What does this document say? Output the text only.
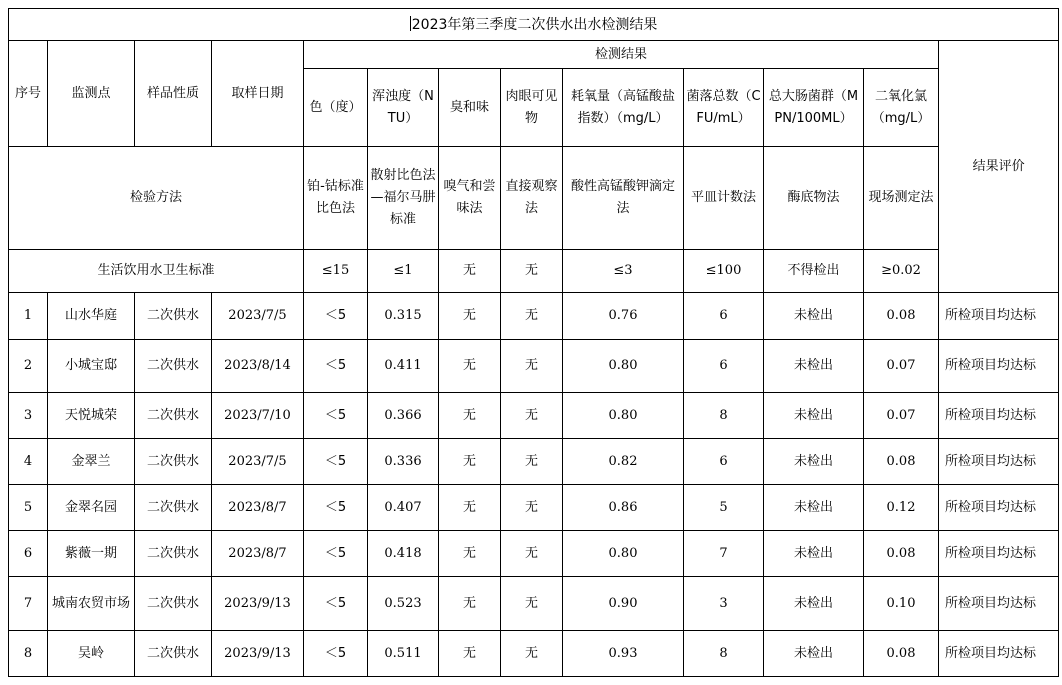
2023年第三季度二次供水出水检测结果												
序号	监测点	样品性质	取样日期	检测结果								结果评价
				色（度）	浑浊度（NTU）	臭和味	肉眼可见物	耗氧量（高锰酸盐指数）（mg/L）	菌落总数（CFU/mL）	总大肠菌群（MPN/100ML）	二氧化氯（mg/L）	
检验方法				铂-钴标准比色法	散射比色法—福尔马肼标准	嗅气和尝味法	直接观察法	酸性高锰酸钾滴定法	平皿计数法	酶底物法	现场测定法	
生活饮用水卫生标准				≤15	≤1	无	无	≤3	≤100	不得检出	≥0.02	
1	山水华庭	二次供水	2023/7/5	＜5	0.315	无	无	0.76	6	未检出	0.08	所检项目均达标
2	小城宝邸	二次供水	2023/8/14	＜5	0.411	无	无	0.80	6	未检出	0.07	所检项目均达标
3	天悦城荣	二次供水	2023/7/10	＜5	0.366	无	无	0.80	8	未检出	0.07	所检项目均达标
4	金翠兰	二次供水	2023/7/5	＜5	0.336	无	无	0.82	6	未检出	0.08	所检项目均达标
5	金翠名园	二次供水	2023/8/7	＜5	0.407	无	无	0.86	5	未检出	0.12	所检项目均达标
6	紫薇一期	二次供水	2023/8/7	＜5	0.418	无	无	0.80	7	未检出	0.08	所检项目均达标
7	城南农贸市场	二次供水	2023/9/13	＜5	0.523	无	无	0.90	3	未检出	0.10	所检项目均达标
8	吴岭	二次供水	2023/9/13	＜5	0.511	无	无	0.93	8	未检出	0.08	所检项目均达标
